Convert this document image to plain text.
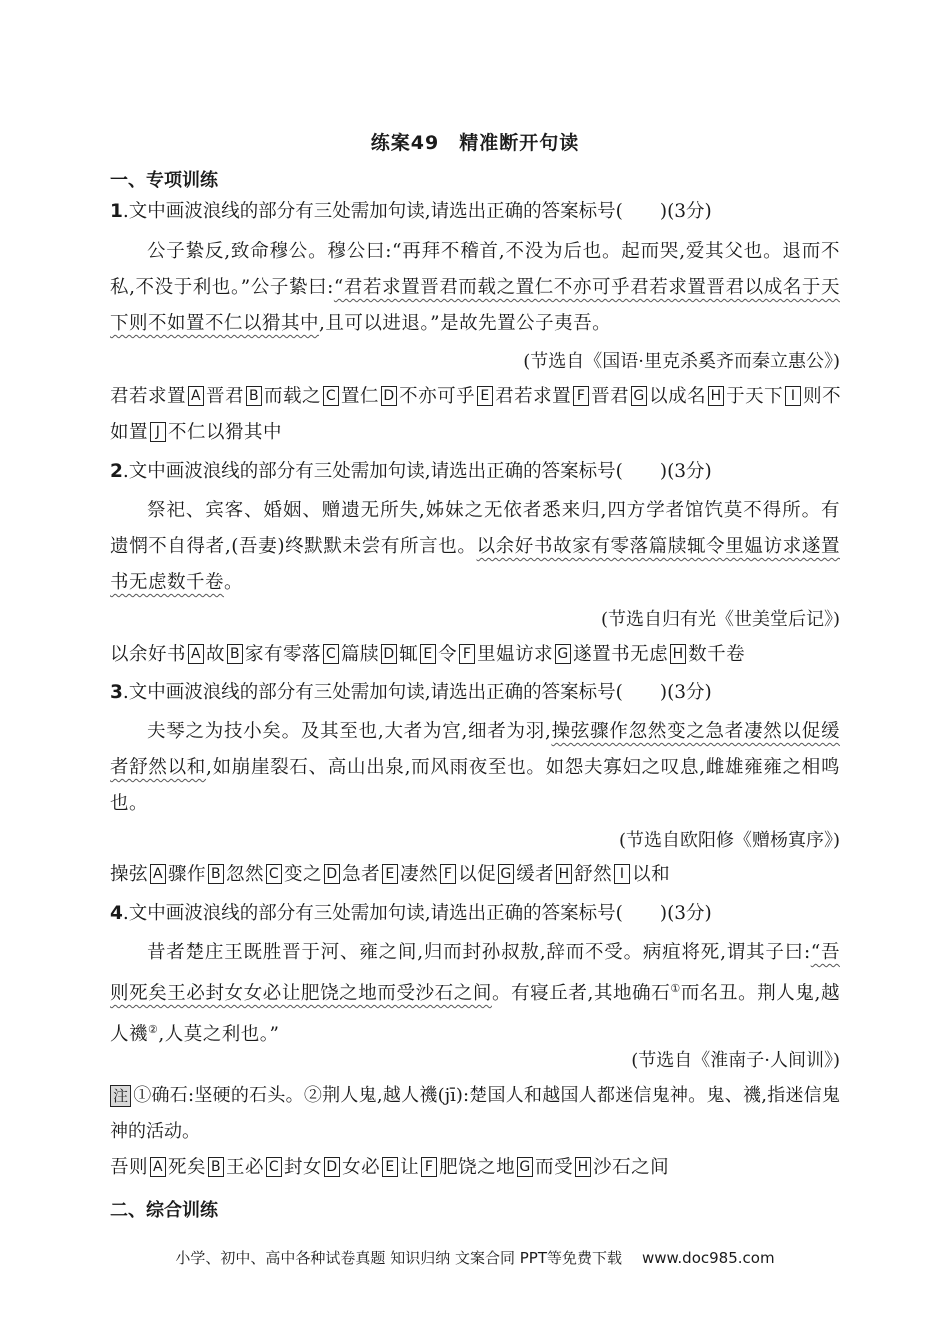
练案49　精准断开句读
一、专项训练
1.文中画波浪线的部分有三处需加句读,请选出正确的答案标号(　　)(3分)
公子絷反,致命穆公。穆公曰:“再拜不稽首,不没为后也。起而哭,爱其父也。退而不私,不没于利也。”公子絷曰:“君若求置晋君而载之置仁不亦可乎君若求置晋君以成名于天下则不如置不仁以猾其中,且可以进退。”是故先置公子夷吾。
(节选自《国语·里克杀奚齐而秦立惠公》)
君若求置 A 晋君 B 而载之 C 置仁 D 不亦可乎 E 君若求置 F 晋君 G 以成名 H 于天下 I 则不如置 J 不仁以猾其中
2.文中画波浪线的部分有三处需加句读,请选出正确的答案标号(　　)(3分)
祭祀、宾客、婚姻、赠遗无所失,姊妹之无依者悉来归,四方学者馆饩莫不得所。有遗惘不自得者,(吾妻)终默默未尝有所言也。以余好书故家有零落篇牍辄令里媪访求遂置书无虑数千卷。
(节选自归有光《世美堂后记》)
以余好书 A 故 B 家有零落 C 篇牍 D 辄 E 令 F 里媪访求 G 遂置书无虑 H 数千卷
3.文中画波浪线的部分有三处需加句读,请选出正确的答案标号(　　)(3分)
夫琴之为技小矣。及其至也,大者为宫,细者为羽,操弦骤作忽然变之急者凄然以促缓者舒然以和,如崩崖裂石、高山出泉,而风雨夜至也。如怨夫寡妇之叹息,雌雄雍雍之相鸣也。
(节选自欧阳修《赠杨寘序》)
操弦 A 骤作 B 忽然 C 变之 D 急者 E 凄然 F 以促 G 缓者 H 舒然 I 以和
4.文中画波浪线的部分有三处需加句读,请选出正确的答案标号(　　)(3分)
昔者楚庄王既胜晋于河、雍之间,归而封孙叔敖,辞而不受。病疽将死,谓其子曰:“吾则死矣王必封女女必让肥饶之地而受沙石之间。有寝丘者,其地确石①而名丑。荆人鬼,越人禨②,人莫之利也。”
(节选自《淮南子·人间训》)
注 ①确石:坚硬的石头。②荆人鬼,越人禨(jī):楚国人和越国人都迷信鬼神。鬼、禨,指迷信鬼神的活动。
吾则 A 死矣 B 王必 C 封女 D 女必 E 让 F 肥饶之地 G 而受 H 沙石之间
二、综合训练
小学、初中、高中各种试卷真题 知识归纳 文案合同 PPT等免费下载 www.doc985.com
